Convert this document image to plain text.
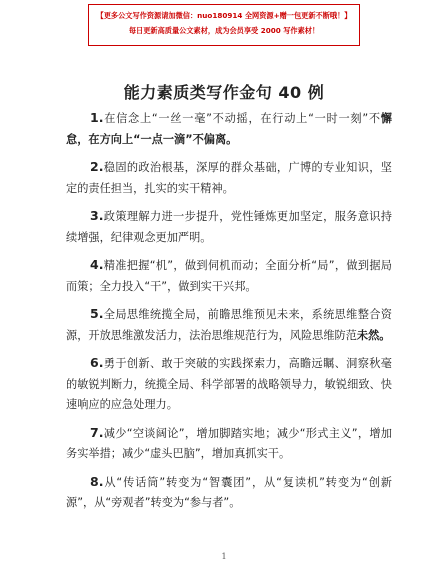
【更多公文写作资源请加微信：nuo180914 全网资源+赠一包更新不断哦！】
每日更新高质量公文素材，成为会员享受 2000 写作素材！
能力素质类写作金句 40 例

1.在信念上“一丝一毫”不动摇，在行动上“一时一刻”不懈怠，在方向上“一点一滴”不偏离。

2.稳固的政治根基，深厚的群众基础，广博的专业知识，坚定的责任担当，扎实的实干精神。

3.政策理解力进一步提升，党性锤炼更加坚定，服务意识持续增强，纪律观念更加严明。

4.精准把握“机”，做到伺机而动；全面分析“局”，做到据局而策；全力投入“干”，做到实干兴邦。

5.全局思维统揽全局，前瞻思维预见未来，系统思维整合资源，开放思维激发活力，法治思维规范行为，风险思维防范未然。

6.勇于创新、敢于突破的实践探索力，高瞻远瞩、洞察秋毫的敏锐判断力，统揽全局、科学部署的战略领导力，敏锐细致、快速响应的应急处理力。

7.减少“空谈阔论”，增加脚踏实地；减少“形式主义”，增加务实举措；减少“虚头巴脑”，增加真抓实干。

8.从“传话筒”转变为“智囊团”，从“复读机”转变为“创新源”，从“旁观者”转变为“参与者”。

1
